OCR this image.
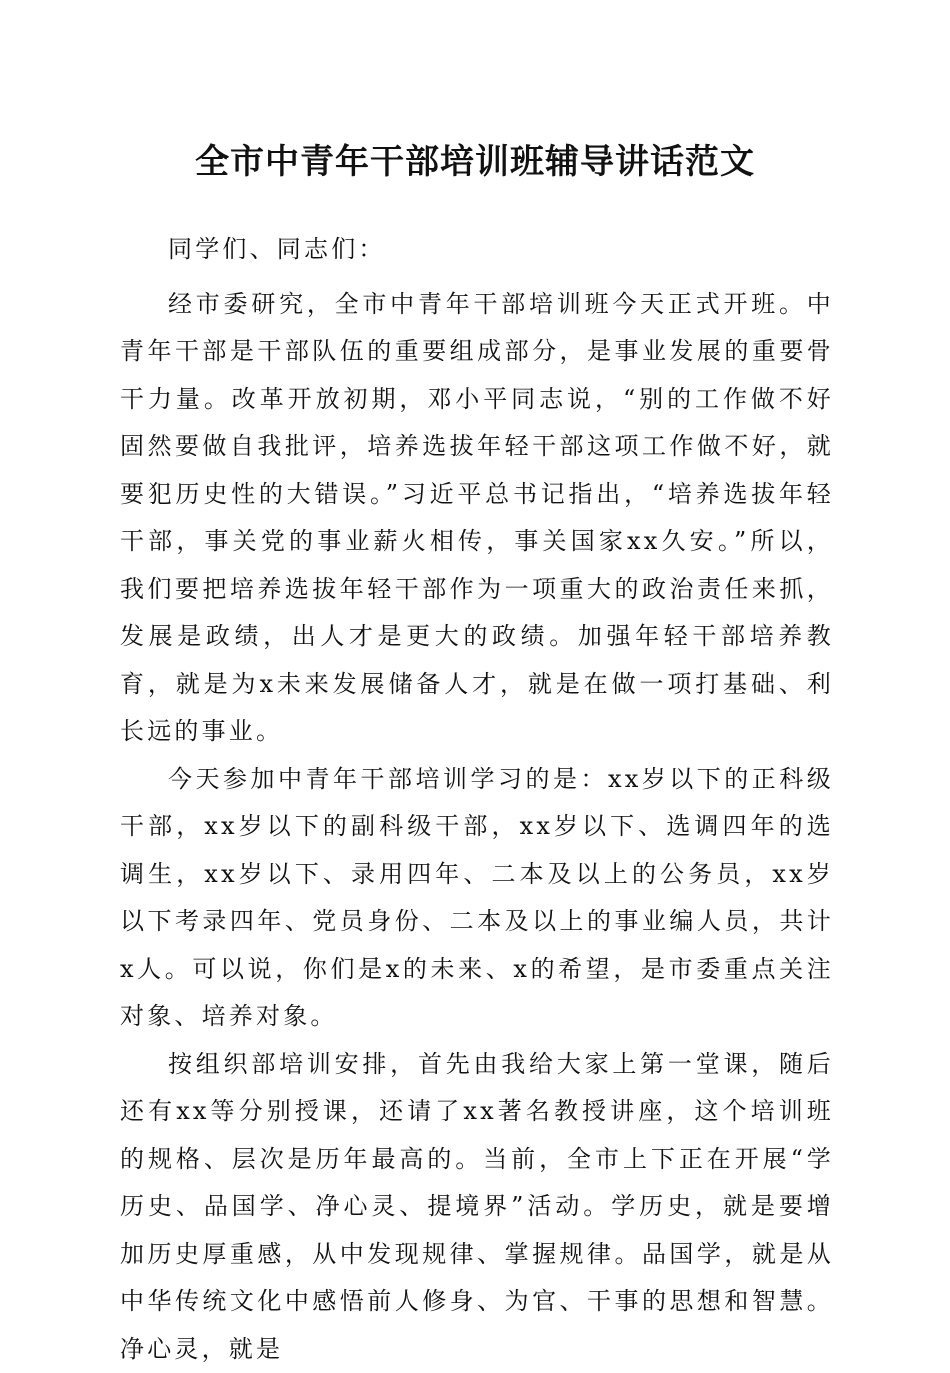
全市中青年干部培训班辅导讲话范文

同学们、同志们：

经市委研究，全市中青年干部培训班今天正式开班。中青年干部是干部队伍的重要组成部分，是事业发展的重要骨干力量。改革开放初期，邓小平同志说，“别的工作做不好固然要做自我批评，培养选拔年轻干部这项工作做不好，就要犯历史性的大错误。”习近平总书记指出，“培养选拔年轻干部，事关党的事业薪火相传，事关国家xx久安。”所以，我们要把培养选拔年轻干部作为一项重大的政治责任来抓，发展是政绩，出人才是更大的政绩。加强年轻干部培养教育，就是为x未来发展储备人才，就是在做一项打基础、利长远的事业。

今天参加中青年干部培训学习的是：xx岁以下的正科级干部，xx岁以下的副科级干部，xx岁以下、选调四年的选调生，xx岁以下、录用四年、二本及以上的公务员，xx岁以下考录四年、党员身份、二本及以上的事业编人员，共计x人。可以说，你们是x的未来、x的希望，是市委重点关注对象、培养对象。

按组织部培训安排，首先由我给大家上第一堂课，随后还有xx等分别授课，还请了xx著名教授讲座，这个培训班的规格、层次是历年最高的。当前，全市上下正在开展“学历史、品国学、净心灵、提境界”活动。学历史，就是要增加历史厚重感，从中发现规律、掌握规律。品国学，就是从中华传统文化中感悟前人修身、为官、干事的思想和智慧。净心灵，就是
